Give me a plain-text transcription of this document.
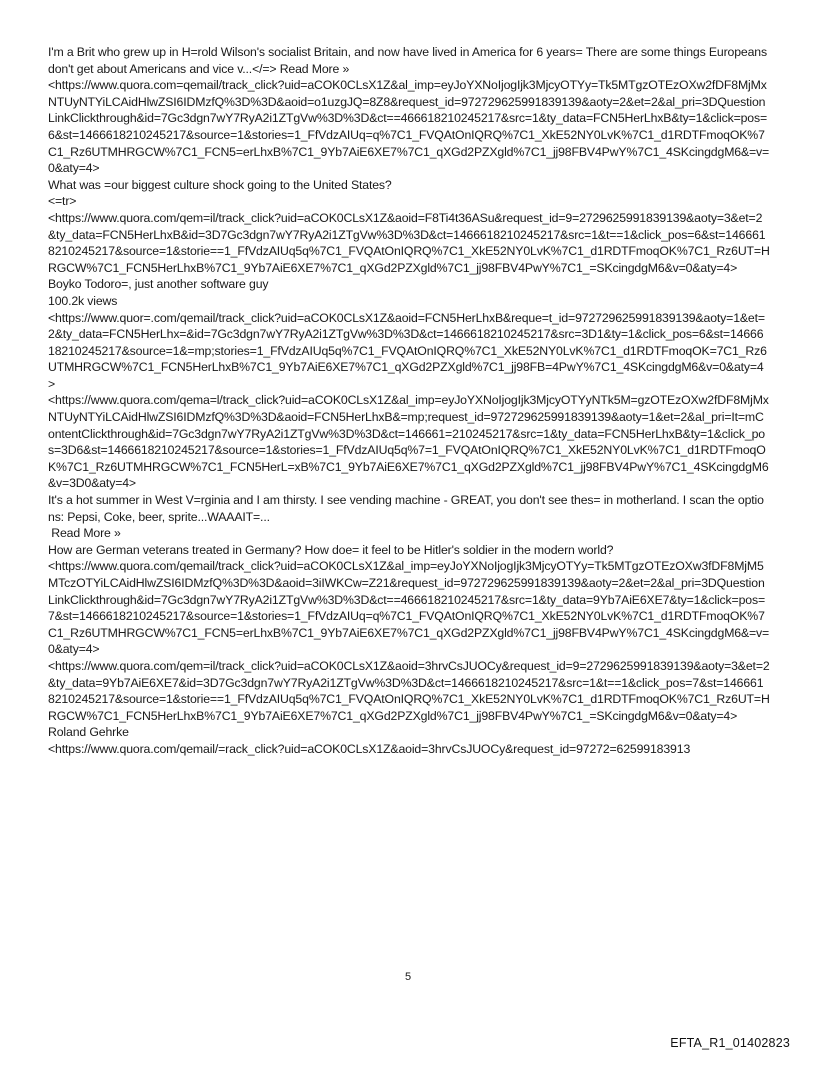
I'm a Brit who grew up in H=rold Wilson's socialist Britain, and now have lived in America for 6 years= There are some things Europeans don't get about Americans and vice v...</=> Read More »

<https://www.quora.com=qemail/track_click?uid=aCOK0CLsX1Z&al_imp=eyJoYXNoIjogIjk3MjcyOTYy=Tk5MTgzOTEzOXw2fDF8MjMxNTUyNTYiLCAidHlwZSI6IDMzfQ%3D%3D&aoid=o1uzgJQ=8Z8&request_id=972729625991839139&aoty=2&et=2&al_pri=3DQuestionLinkClickthrough&id=7Gc3dgn7wY7RyA2i1ZTgVw%3D%3D&ct==466618210245217&src=1&ty_data=FCN5HerLhxB&ty=1&click=pos=6&st=1466618210245217&source=1&stories=1_FfVdzAIUq=q%7C1_FVQAtOnIQRQ%7C1_XkE52NY0LvK%7C1_d1RDTFmoqOK%7C1_Rz6UTMHRGCW%7C1_FCN5=erLhxB%7C1_9Yb7AiE6XE7%7C1_qXGd2PZXgld%7C1_jj98FBV4PwY%7C1_4SKcingdgM6&=v=0&aty=4>

What was =our biggest culture shock going to the United States?

<=tr>

<https://www.quora.com/qem=il/track_click?uid=aCOK0CLsX1Z&aoid=F8Ti4t36ASu&request_id=9=2729625991839139&aoty=3&et=2&ty_data=FCN5HerLhxB&id=3D7Gc3dgn7wY7RyA2i1ZTgVw%3D%3D&ct=1466618210245217&src=1&t==1&click_pos=6&st=1466618210245217&source=1&storie==1_FfVdzAIUq5q%7C1_FVQAtOnIQRQ%7C1_XkE52NY0LvK%7C1_d1RDTFmoqOK%7C1_Rz6UT=HRGCW%7C1_FCN5HerLhxB%7C1_9Yb7AiE6XE7%7C1_qXGd2PZXgld%7C1_jj98FBV4PwY%7C1_=SKcingdgM6&v=0&aty=4>
Boyko Todoro=, just another software guy
100.2k views
<https://www.quor=.com/qemail/track_click?uid=aCOK0CLsX1Z&aoid=FCN5HerLhxB&reque=t_id=972729625991839139&aoty=1&et=2&ty_data=FCN5HerLhx=&id=7Gc3dgn7wY7RyA2i1ZTgVw%3D%3D&ct=1466618210245217&src=3D1&ty=1&click_pos=6&st=1466618210245217&source=1&=mp;stories=1_FfVdzAIUq5q%7C1_FVQAtOnIQRQ%7C1_XkE52NY0LvK%7C1_d1RDTFmoqOK=7C1_Rz6UTMHRGCW%7C1_FCN5HerLhxB%7C1_9Yb7AiE6XE7%7C1_qXGd2PZXgld%7C1_jj98FB=4PwY%7C1_4SKcingdgM6&v=0&aty=4>
<https://www.quora.com/qema=l/track_click?uid=aCOK0CLsX1Z&al_imp=eyJoYXNoIjogIjk3MjcyOTYyNTk5M=gzOTEzOXw2fDF8MjMxNTUyNTYiLCAidHlwZSI6IDMzfQ%3D%3D&aoid=FCN5HerLhxB&=mp;request_id=972729625991839139&aoty=1&et=2&al_pri=It=mContentClickthrough&id=7Gc3dgn7wY7RyA2i1ZTgVw%3D%3D&ct=146661=210245217&src=1&ty_data=FCN5HerLhxB&ty=1&click_pos=3D6&st=1466618210245217&source=1&stories=1_FfVdzAIUq5q%7=1_FVQAtOnIQRQ%7C1_XkE52NY0LvK%7C1_d1RDTFmoqOK%7C1_Rz6UTMHRGCW%7C1_FCN5HerL=xB%7C1_9Yb7AiE6XE7%7C1_qXGd2PZXgld%7C1_jj98FBV4PwY%7C1_4SKcingdgM6&v=3D0&aty=4>
It's a hot summer in West V=rginia and I am thirsty. I see vending machine - GREAT, you don't see thes= in motherland. I scan the options: Pepsi, Coke, beer, sprite...WAAAIT=...

Read More »

How are German veterans treated in Germany? How doe= it feel to be Hitler's soldier in the modern world?
<https://www.quora.com/qemail/track_click?uid=aCOK0CLsX1Z&al_imp=eyJoYXNoIjogIjk3MjcyOTYy=Tk5MTgzOTEzOXw3fDF8MjM5MTczOTYiLCAidHlwZSI6IDMzfQ%3D%3D&aoid=3iIWKCw=Z21&request_id=972729625991839139&aoty=2&et=2&al_pri=3DQuestionLinkClickthrough&id=7Gc3dgn7wY7RyA2i1ZTgVw%3D%3D&ct==466618210245217&src=1&ty_data=9Yb7AiE6XE7&ty=1&click=pos=7&st=1466618210245217&source=1&stories=1_FfVdzAIUq=q%7C1_FVQAtOnIQRQ%7C1_XkE52NY0LvK%7C1_d1RDTFmoqOK%7C1_Rz6UTMHRGCW%7C1_FCN5=erLhxB%7C1_9Yb7AiE6XE7%7C1_qXGd2PZXgld%7C1_jj98FBV4PwY%7C1_4SKcingdgM6&=v=0&aty=4>

<https://www.quora.com/qem=il/track_click?uid=aCOK0CLsX1Z&aoid=3hrvCsJUOCy&request_id=9=2729625991839139&aoty=3&et=2&ty_data=9Yb7AiE6XE7&id=3D7Gc3dgn7wY7RyA2i1ZTgVw%3D%3D&ct=1466618210245217&src=1&t==1&click_pos=7&st=1466618210245217&source=1&storie==1_FfVdzAIUq5q%7C1_FVQAtOnIQRQ%7C1_XkE52NY0LvK%7C1_d1RDTFmoqOK%7C1_Rz6UT=HRGCW%7C1_FCN5HerLhxB%7C1_9Yb7AiE6XE7%7C1_qXGd2PZXgld%7C1_jj98FBV4PwY%7C1_=SKcingdgM6&v=0&aty=4>
Roland Gehrke
<https://www.quora.com/qemail/=rack_click?uid=aCOK0CLsX1Z&aoid=3hrvCsJUOCy&request_id=97272=62599183913

5
EFTA_R1_01402823
